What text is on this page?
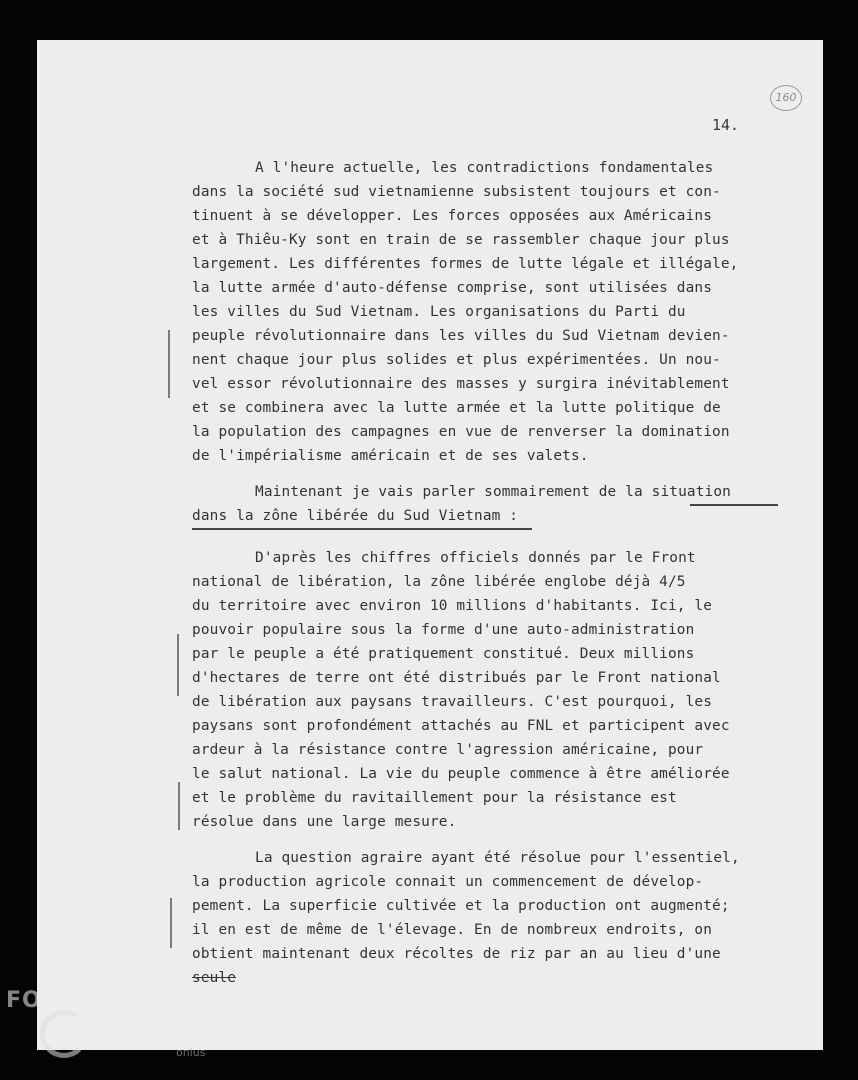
160
14.
A l'heure actuelle, les contradictions fondamentales
dans la société sud vietnamienne subsistent toujours et con-
tinuent à se développer. Les forces opposées aux Américains
et à Thiêu-Ky sont en train de se rassembler chaque jour plus
largement. Les différentes formes de lutte légale et illégale,
la lutte armée d'auto-défense comprise, sont utilisées dans
les villes du Sud Vietnam. Les organisations du Parti du
peuple révolutionnaire dans les villes du Sud Vietnam devien-
nent chaque jour plus solides et plus expérimentées. Un nou-
vel essor révolutionnaire des masses y surgira inévitablement
et se combinera avec la lutte armée et la lutte politique de
la population des campagnes en vue de renverser la domination
de l'impérialisme américain et de ses valets.
Maintenant je vais parler sommairement de la situation
dans la zône libérée du Sud Vietnam :
D'après les chiffres officiels donnés par le Front
national de libération, la zône libérée englobe déjà 4/5
du territoire avec environ 10 millions d'habitants. Ici, le
pouvoir populaire sous la forme d'une auto-administration
par le peuple a été pratiquement constitué. Deux millions
d'hectares de terre ont été distribués par le Front national
de libération aux paysans travailleurs. C'est pourquoi, les
paysans sont profondément attachés au FNL et participent avec
ardeur à la résistance contre l'agression américaine, pour
le salut national. La vie du peuple commence à être améliorée
et le problème du ravitaillement pour la résistance est
résolue dans une large mesure.
La question agraire ayant été résolue pour l'essentiel,
la production agricole connait un commencement de dévelop-
pement. La superficie cultivée et la production ont augmenté;
il en est de même de l'élevage. En de nombreux endroits, on
obtient maintenant deux récoltes de riz par an au lieu d'une
seule
FONDAZIONE
GRAMSCI
onlus
